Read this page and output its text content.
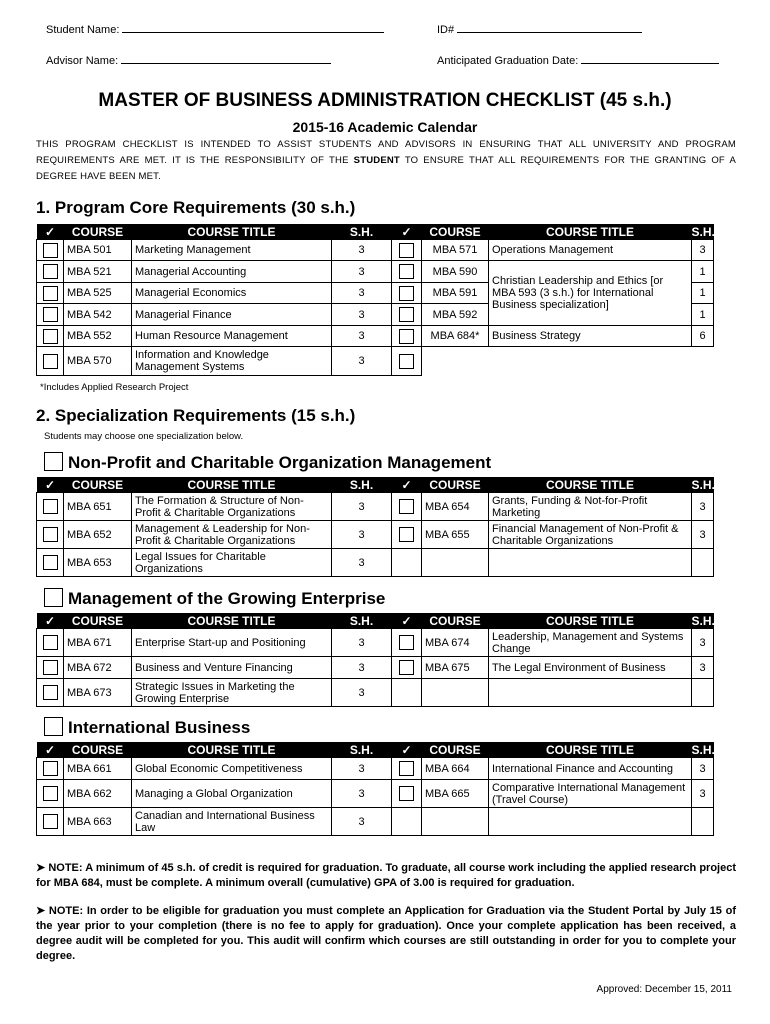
Student Name:	ID#
Advisor Name:	Anticipated Graduation Date:
MASTER OF BUSINESS ADMINISTRATION CHECKLIST (45 s.h.)
2015-16 Academic Calendar
THIS PROGRAM CHECKLIST IS INTENDED TO ASSIST STUDENTS AND ADVISORS IN ENSURING THAT ALL UNIVERSITY AND PROGRAM REQUIREMENTS ARE MET. IT IS THE RESPONSIBILITY OF THE STUDENT TO ENSURE THAT ALL REQUIREMENTS FOR THE GRANTING OF A DEGREE HAVE BEEN MET.
1. Program Core Requirements (30 s.h.)
✓	COURSE	COURSE TITLE	S.H.	✓	COURSE	COURSE TITLE	S.H.
	MBA 501	Marketing Management	3		MBA 571	Operations Management	3
	MBA 521	Managerial Accounting	3		MBA 590	Christian Leadership and Ethics [or MBA 593 (3 s.h.) for International Business specialization]	1
	MBA 525	Managerial Economics	3		MBA 591		1
	MBA 542	Managerial Finance	3		MBA 592		1
	MBA 552	Human Resource Management	3		MBA 684*	Business Strategy	6
	MBA 570	Information and Knowledge Management Systems	3				
*Includes Applied Research Project
2. Specialization Requirements (15 s.h.)
Students may choose one specialization below.
Non-Profit and Charitable Organization Management
✓	COURSE	COURSE TITLE	S.H.	✓	COURSE	COURSE TITLE	S.H.
	MBA 651	The Formation & Structure of Non-Profit & Charitable Organizations	3		MBA 654	Grants, Funding & Not-for-Profit Marketing	3
	MBA 652	Management & Leadership for Non-Profit & Charitable Organizations	3		MBA 655	Financial Management of Non-Profit & Charitable Organizations	3
	MBA 653	Legal Issues for Charitable Organizations	3				
Management of the Growing Enterprise
✓	COURSE	COURSE TITLE	S.H.	✓	COURSE	COURSE TITLE	S.H.
	MBA 671	Enterprise Start-up and Positioning	3		MBA 674	Leadership, Management and Systems Change	3
	MBA 672	Business and Venture Financing	3		MBA 675	The Legal Environment of Business	3
	MBA 673	Strategic Issues in Marketing the Growing Enterprise	3				
International Business
✓	COURSE	COURSE TITLE	S.H.	✓	COURSE	COURSE TITLE	S.H.
	MBA 661	Global Economic Competitiveness	3		MBA 664	International Finance and Accounting	3
	MBA 662	Managing a Global Organization	3		MBA 665	Comparative International Management (Travel Course)	3
	MBA 663	Canadian and International Business Law	3				
➤ NOTE: A minimum of 45 s.h. of credit is required for graduation. To graduate, all course work including the applied research project for MBA 684, must be complete. A minimum overall (cumulative) GPA of 3.00 is required for graduation.
➤ NOTE: In order to be eligible for graduation you must complete an Application for Graduation via the Student Portal by July 15 of the year prior to your completion (there is no fee to apply for graduation). Once your complete application has been received, a degree audit will be completed for you. This audit will confirm which courses are still outstanding in order for you to complete your degree.
Approved: December 15, 2011
